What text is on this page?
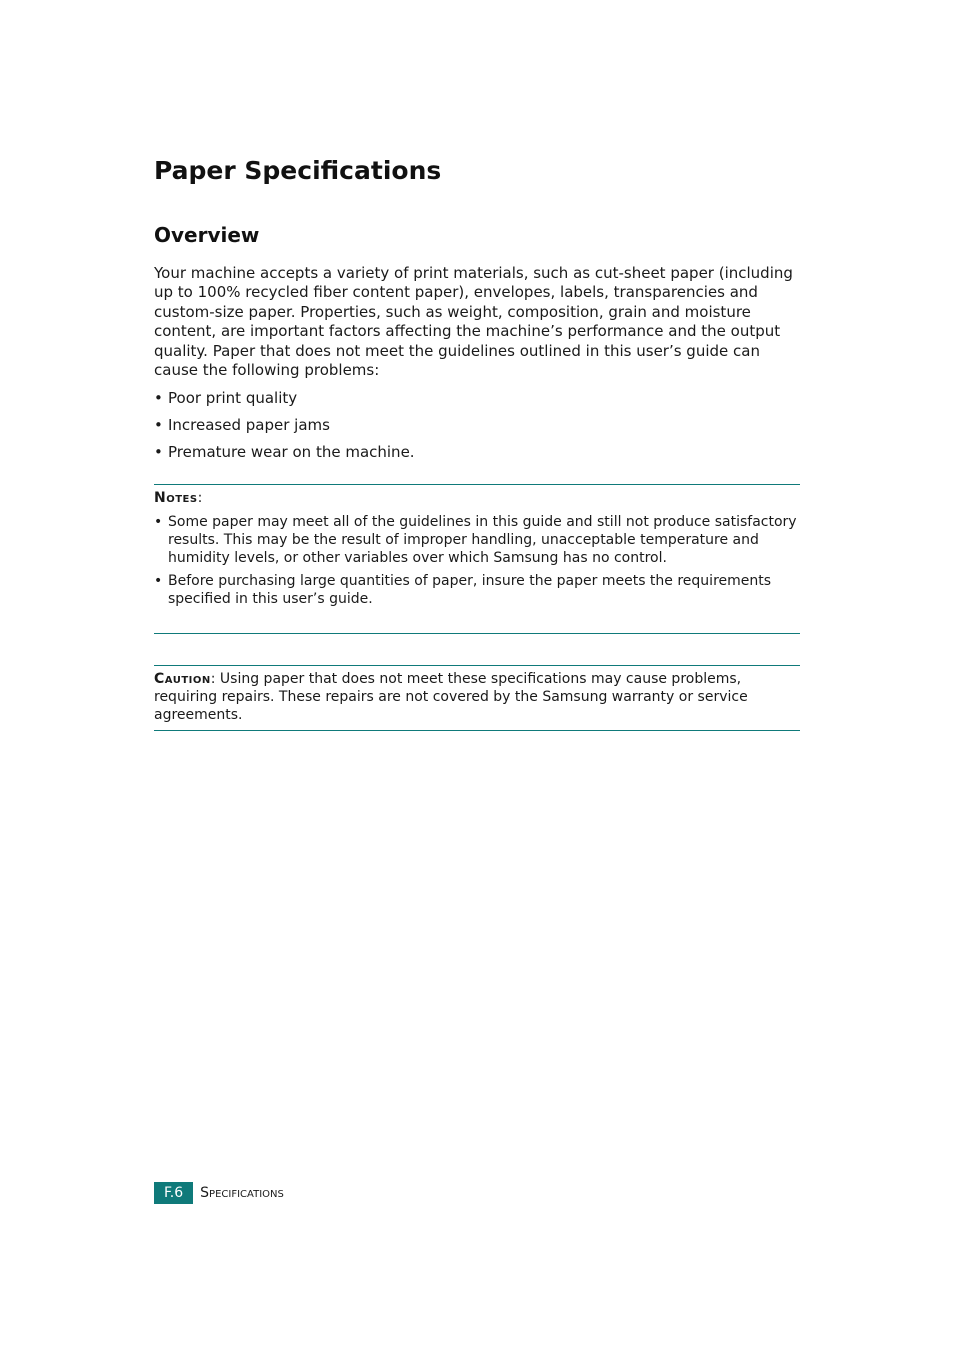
Paper Specifications
Overview

Your machine accepts a variety of print materials, such as cut-sheet paper (including up to 100% recycled fiber content paper), envelopes, labels, transparencies and custom-size paper. Properties, such as weight, composition, grain and moisture content, are important factors affecting the machine’s performance and the output quality. Paper that does not meet the guidelines outlined in this user’s guide can cause the following problems:

• Poor print quality
• Increased paper jams
• Premature wear on the machine.

Notes:

• Some paper may meet all of the guidelines in this guide and still not produce satisfactory results. This may be the result of improper handling, unacceptable temperature and humidity levels, or other variables over which Samsung has no control.
• Before purchasing large quantities of paper, insure the paper meets the requirements specified in this user’s guide.

Caution: Using paper that does not meet these specifications may cause problems, requiring repairs. These repairs are not covered by the Samsung warranty or service agreements.

F.6	Specifications
